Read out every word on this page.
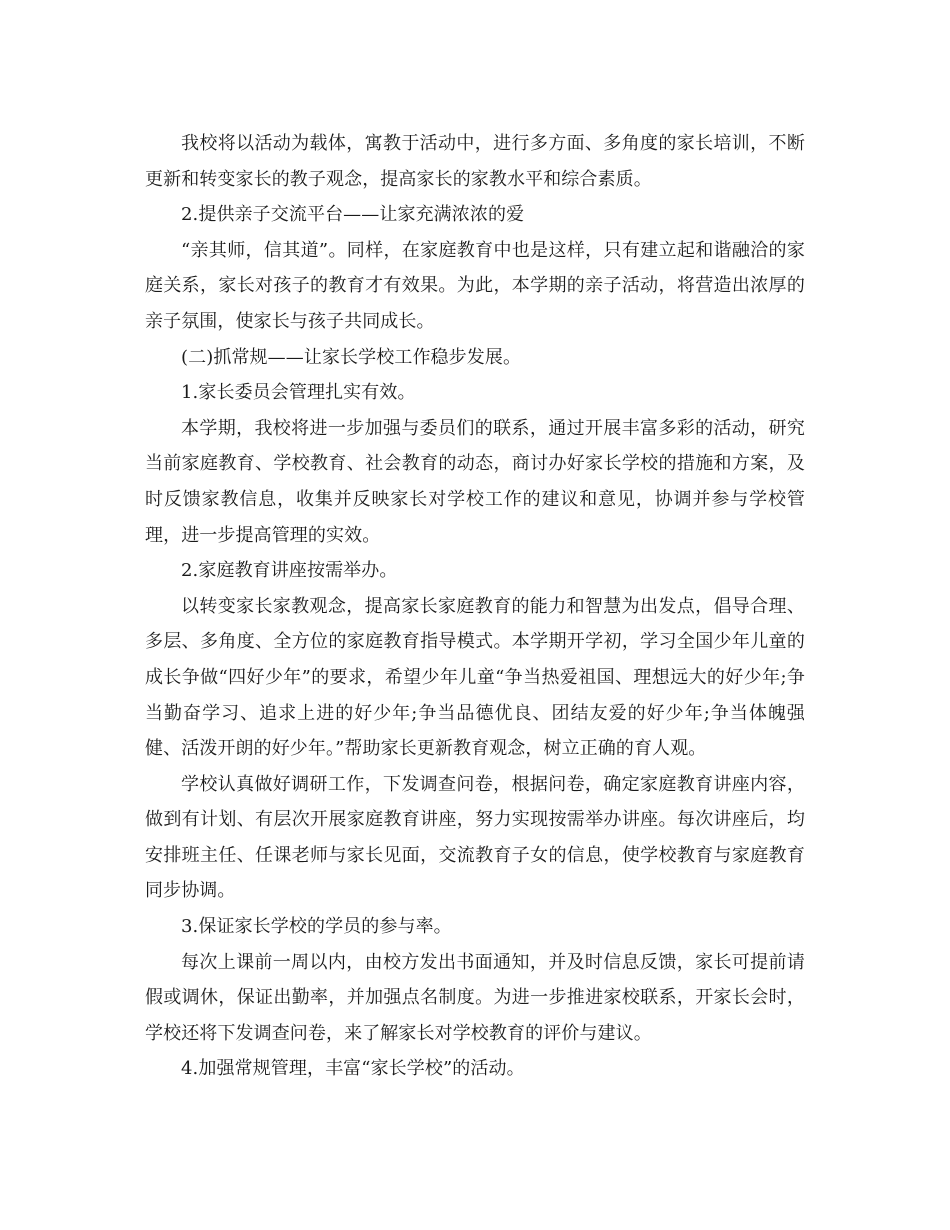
我校将以活动为载体，寓教于活动中，进行多方面、多角度的家长培训，不断更新和转变家长的教子观念，提高家长的家教水平和综合素质。

2.提供亲子交流平台——让家充满浓浓的爱

“亲其师，信其道”。同样，在家庭教育中也是这样，只有建立起和谐融洽的家庭关系，家长对孩子的教育才有效果。为此，本学期的亲子活动，将营造出浓厚的亲子氛围，使家长与孩子共同成长。

(二)抓常规——让家长学校工作稳步发展。

1.家长委员会管理扎实有效。

本学期，我校将进一步加强与委员们的联系，通过开展丰富多彩的活动，研究当前家庭教育、学校教育、社会教育的动态，商讨办好家长学校的措施和方案，及时反馈家教信息，收集并反映家长对学校工作的建议和意见，协调并参与学校管理，进一步提高管理的实效。

2.家庭教育讲座按需举办。

以转变家长家教观念，提高家长家庭教育的能力和智慧为出发点，倡导合理、多层、多角度、全方位的家庭教育指导模式。本学期开学初，学习全国少年儿童的成长争做“四好少年”的要求，希望少年儿童“争当热爱祖国、理想远大的好少年;争当勤奋学习、追求上进的好少年;争当品德优良、团结友爱的好少年;争当体魄强健、活泼开朗的好少年。”帮助家长更新教育观念，树立正确的育人观。

学校认真做好调研工作，下发调查问卷，根据问卷，确定家庭教育讲座内容，做到有计划、有层次开展家庭教育讲座，努力实现按需举办讲座。每次讲座后，均安排班主任、任课老师与家长见面，交流教育子女的信息，使学校教育与家庭教育同步协调。

3.保证家长学校的学员的参与率。

每次上课前一周以内，由校方发出书面通知，并及时信息反馈，家长可提前请假或调休，保证出勤率，并加强点名制度。为进一步推进家校联系，开家长会时，学校还将下发调查问卷，来了解家长对学校教育的评价与建议。

4.加强常规管理，丰富“家长学校”的活动。
